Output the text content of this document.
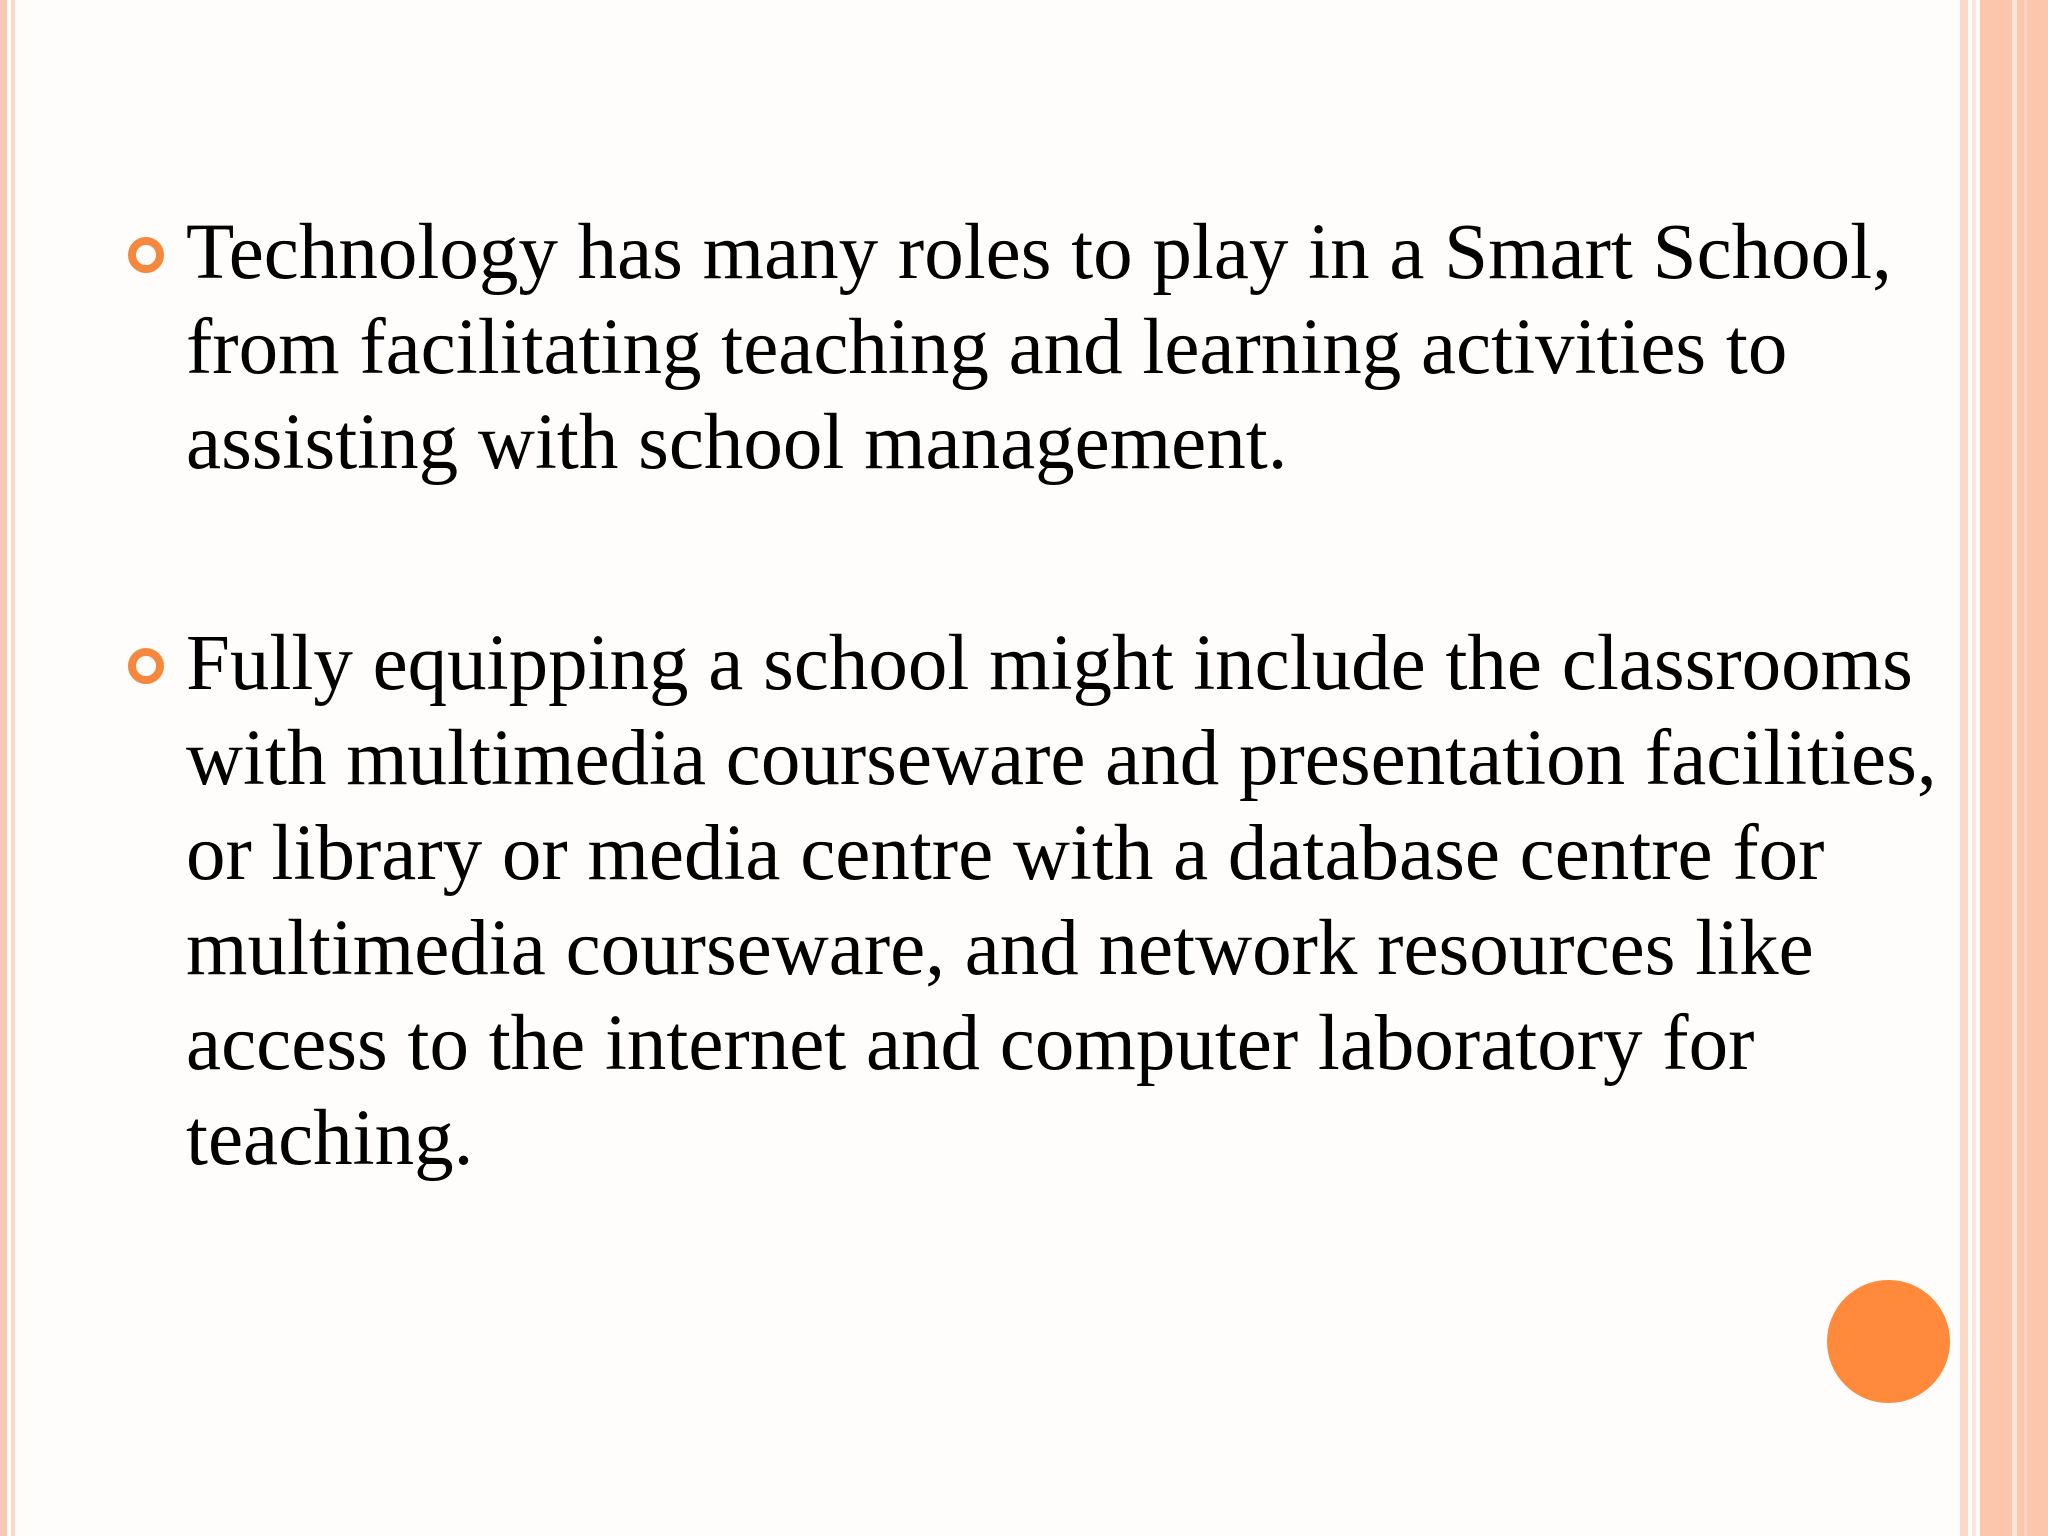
Technology has many roles to play in a Smart School, from facilitating teaching and learning activities to assisting with school management.
Fully equipping a school might include the classrooms with multimedia courseware and presentation facilities, or library or media centre with a database centre for multimedia courseware, and network resources like access to the internet and computer laboratory for teaching.
